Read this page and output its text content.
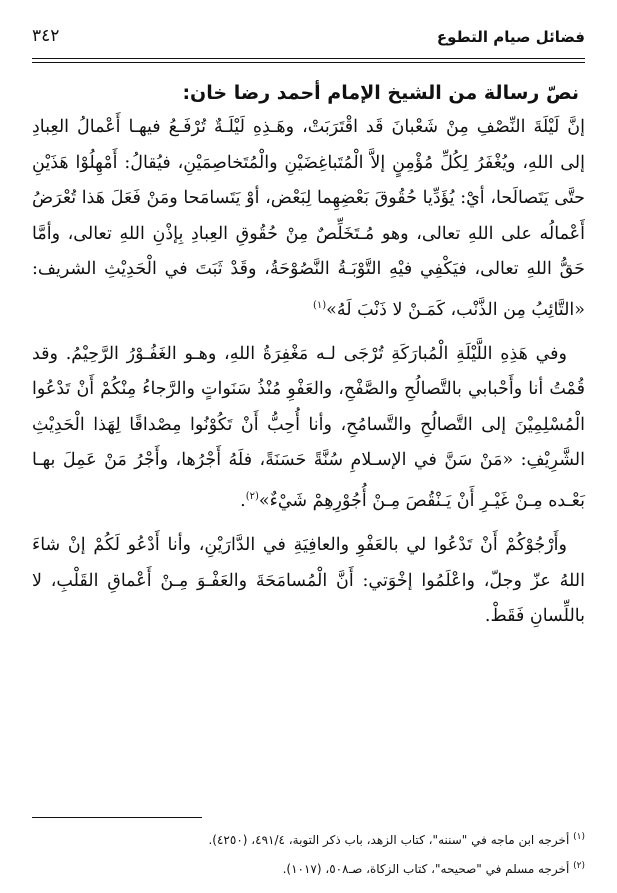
فضائل صيام التطوع
٣٤٢
نصّ رسالة من الشيخ الإمام أحمد رضا خان:

إنَّ لَيْلَةَ النِّصْفِ مِنْ شَعْبانَ قَد اقْتَرَبَتْ، وهَـذِهِ لَيْلَـةٌ تُرْفَـعُ فيهـا أَعْمالُ العِبادِ إلى اللهِ، ويُغْفَرُ لِكُلِّ مُؤْمِنٍ إلاَّ الْمُتَباغِضَيْنِ والْمُتَخاصِمَيْنِ، فيُقالُ: أَمْهِلُوْا هَذَيْنِ حتَّى يَتَصالَحا، أيْ: يُؤَدِّيا حُقُوقَ بَعْضِهِما لِبَعْض، أوْ يَتَسامَحا ومَنْ فَعَلَ هَذا تُعْرَضُ أَعْمالُه على اللهِ تعالى، وهو مُـتَخَلِّصٌ مِنْ حُقُوقِ العِبادِ بِإذْنِ اللهِ تعالى، وأمَّا حَقُّ اللهِ تعالى، فيَكْفِي فيْهِ التَّوْبَـةُ النَّصُوْحَةُ، وقَدْ ثَبَتَ في الْحَدِيْثِ الشريف: «التَّائِبُ مِن الذَّنْب، كَمَـنْ لا ذَنْبَ لَهُ»$^{(١)}$

وفي هَذِهِ اللَّيْلَةِ الْمُبارَكَةِ تُرْجَى لـه مَغْفِرَةُ اللهِ، وهـو الغَفُـوْرُ الرَّحِيْمُ. وقد قُمْتُ أنا وأَحْبابي بالتَّصالُحِ والصَّفْحِ، والعَفْوِ مُنْذُ سَنَواتٍ والرَّجاءُ مِنْكُمْ أَنْ تَدْعُوا الْمُسْلِمِيْنَ إلى التَّصالُحِ والتَّسامُحِ، وأنا أُحِبُّ أَنْ تَكُوْنُوا مِصْداقًا لِهَذا الْحَدِيْثِ الشَّرِيْفِ: «مَنْ سَنَّ في الإسـلامِ سُنَّةً حَسَنَةً، فلَهُ أَجْرُها، وأَجْرُ مَنْ عَمِلَ بهـا بَعْـده مِـنْ غَيْـرِ أَنْ يَـنْقُصَ مِـنْ أُجُوْرِهِمْ شَيْءٌ»$^{(٢)}$.

وأَرْجُوْكُمْ أَنْ تَدْعُوا لي بالعَفْوِ والعافِيَةِ في الدَّارَيْنِ، وأنا أَدْعُو لَكُمْ إنْ شاءَ اللهُ عزّ وجلّ، واعْلَمُوا إخْوَتي: أَنَّ الْمُسامَحَةَ والعَفْـوَ مِـنْ أَعْماقِ القَلْبِ، لا باللِّسانِ فَقَطْ.

$^{(١)}$ أخرجه ابن ماجه في "سننه"، كتاب الزهد، باب ذكر التوبة، ٤٩١/٤، (٤٢٥٠).
$^{(٢)}$ أخرجه مسلم في "صحيحه"، كتاب الزكاة، صـ٥٠٨، (١٠١٧).
